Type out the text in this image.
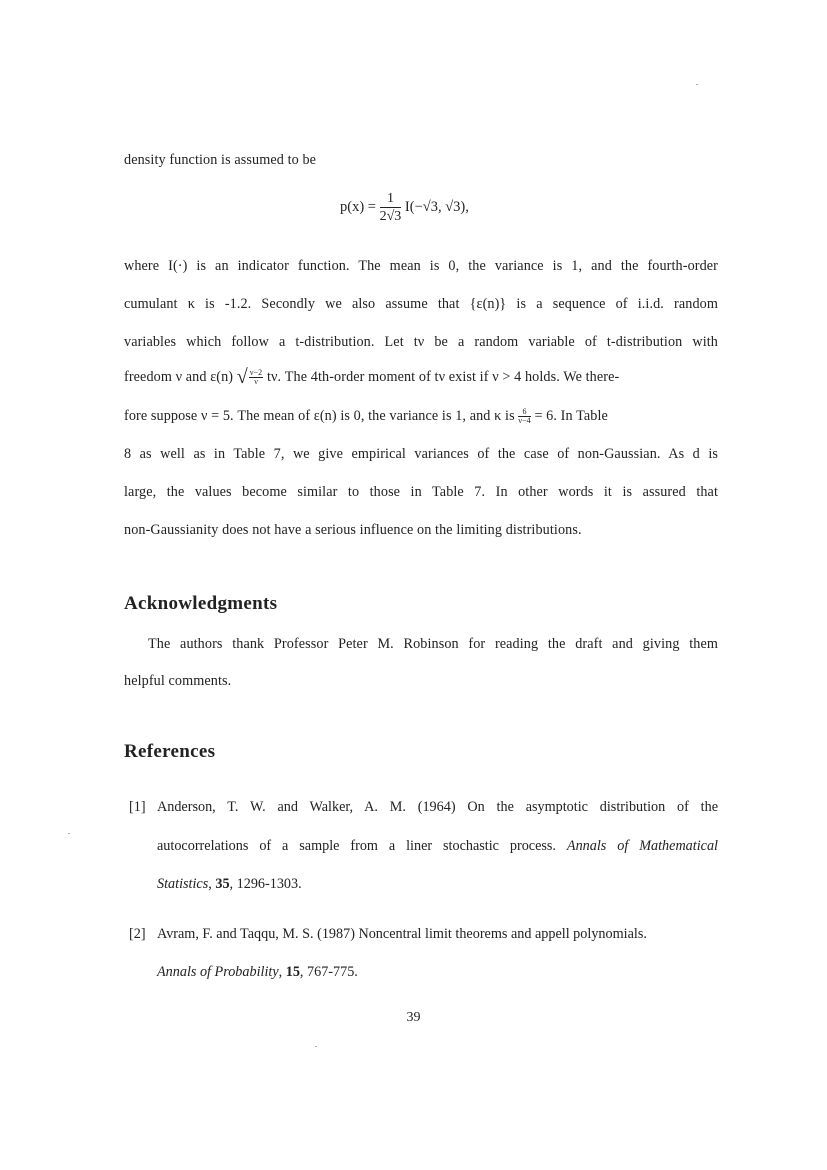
density function is assumed to be
$p(x) = \frac{1}{2√3} I(-√3$, √3),
where I(·) is an indicator function. The mean is 0, the variance is 1, and the fourth-order
cumulant κ is -1.2. Secondly we also assume that {ε(n)} is a sequence of i.i.d. random
variables which follow a t-distribution. Let tν be a random variable of t-distribution with
freedom ν and ε(n) √ $\frac{\nu-2}{\nu} t\nu$. The 4th-order moment of tν exist if ν > 4 holds. We there-
fore suppose ν = 5. The mean of ε(n) is 0, the variance is 1, and κ is $\frac{6}{\nu-4} = 6$. In Table
8 as well as in Table 7, we give empirical variances of the case of non-Gaussian. As d is
large, the values become similar to those in Table 7. In other words it is assured that
non-Gaussianity does not have a serious influence on the limiting distributions.
Acknowledgments
The authors thank Professor Peter M. Robinson for reading the draft and giving them
helpful comments.
References
[1] Anderson, T. W. and Walker, A. M. (1964) On the asymptotic distribution of the
autocorrelations of a sample from a liner stochastic process. Annals of Mathematical
Statistics, 35, 1296-1303.
[2] Avram, F. and Taqqu, M. S. (1987) Noncentral limit theorems and appell polynomials.
Annals of Probability, 15, 767-775.
39
